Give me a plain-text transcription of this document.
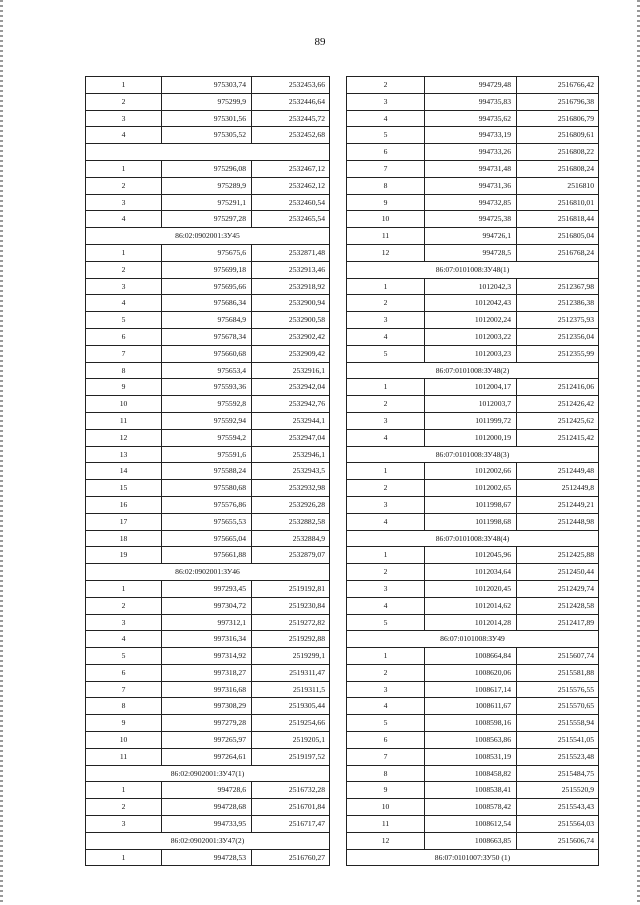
89
1	975303,74	2532453,66
2	975299,9	2532446,64
3	975301,56	2532445,72
4	975305,52	2532452,68

1	975296,08	2532467,12
2	975289,9	2532462,12
3	975291,1	2532460,54
4	975297,28	2532465,54
86:02:0902001:ЗУ45		
1	975675,6	2532871,48
2	975699,18	2532913,46
3	975695,66	2532918,92
4	975686,34	2532900,94
5	975684,9	2532900,58
6	975678,34	2532902,42
7	975660,68	2532909,42
8	975653,4	2532916,1
9	975593,36	2532942,04
10	975592,8	2532942,76
11	975592,94	2532944,1
12	975594,2	2532947,04
13	975591,6	2532946,1
14	975588,24	2532943,5
15	975580,68	2532932,98
16	975576,86	2532926,28
17	975655,53	2532882,58
18	975665,04	2532884,9
19	975661,88	2532879,07
86:02:0902001:ЗУ46		
1	997293,45	2519192,81
2	997304,72	2519230,84
3	997312,1	2519272,82
4	997316,34	2519292,88
5	997314,92	2519299,1
6	997318,27	2519311,47
7	997316,68	2519311,5
8	997308,29	2519305,44
9	997279,28	2519254,66
10	997265,97	2519205,1
11	997264,61	2519197,52
86:02:0902001:ЗУ47(1)		
1	994728,6	2516732,28
2	994728,68	2516701,84
3	994733,95	2516717,47
86:02:0902001:ЗУ47(2)		
1	994728,53	2516760,27
2	994729,48	2516766,42
3	994735,83	2516796,38
4	994735,62	2516806,79
5	994733,19	2516809,61
6	994733,26	2516808,22
7	994731,48	2516808,24
8	994731,36	2516810
9	994732,85	2516810,01
10	994725,38	2516818,44
11	994726,1	2516805,04
12	994728,5	2516768,24
86:07:0101008:ЗУ48(1)		
1	1012042,3	2512367,98
2	1012042,43	2512386,38
3	1012002,24	2512375,93
4	1012003,22	2512356,04
5	1012003,23	2512355,99
86:07:0101008:ЗУ48(2)		
1	1012004,17	2512416,06
2	1012003,7	2512426,42
3	1011999,72	2512425,62
4	1012000,19	2512415,42
86:07:0101008:ЗУ48(3)		
1	1012002,66	2512449,48
2	1012002,65	2512449,8
3	1011998,67	2512449,21
4	1011998,68	2512448,98
86:07:0101008:ЗУ48(4)		
1	1012045,96	2512425,88
2	1012034,64	2512450,44
3	1012020,45	2512429,74
4	1012014,62	2512428,58
5	1012014,28	2512417,89
86:07:0101008:ЗУ49		
1	1008664,84	2515607,74
2	1008620,06	2515581,88
3	1008617,14	2515576,55
4	1008611,67	2515570,65
5	1008598,16	2515558,94
6	1008563,86	2515541,05
7	1008531,19	2515523,48
8	1008458,82	2515484,75
9	1008538,41	2515520,9
10	1008578,42	2515543,43
11	1008612,54	2515564,03
12	1008663,85	2515606,74
86:07:0101007:ЗУ50 (1)		
